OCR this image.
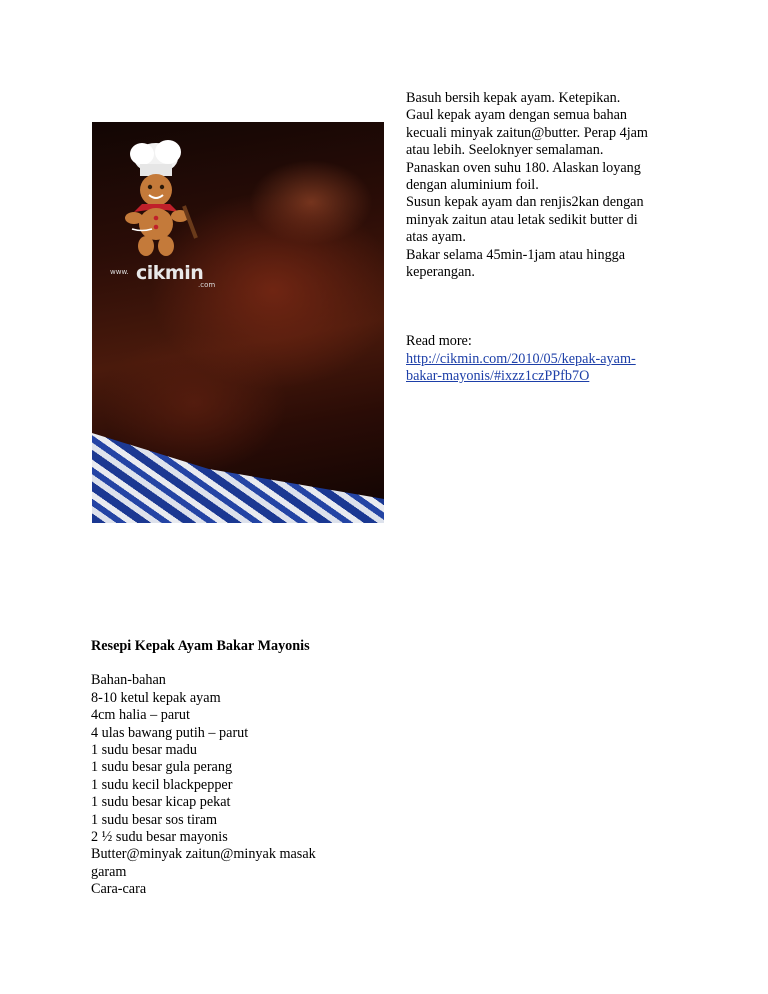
www. cikmin
.com

Basuh bersih kepak ayam. Ketepikan.

Gaul kepak ayam dengan semua bahan

kecuali minyak zaitun@butter. Perap 4jam

atau lebih. Seeloknyer semalaman.

Panaskan oven suhu 180. Alaskan loyang

dengan aluminium foil.

Susun kepak ayam dan renjis2kan dengan

minyak zaitun atau letak sedikit butter di

atas ayam.

Bakar selama 45min-1jam atau hingga

keperangan.

Read more:

http://cikmin.com/2010/05/kepak-ayam-
bakar-mayonis/#ixzz1czPPfb7O

Resepi Kepak Ayam Bakar Mayonis

Bahan-bahan

8-10 ketul kepak ayam

4cm halia – parut

4 ulas bawang putih – parut

1 sudu besar madu

1 sudu besar gula perang

1 sudu kecil blackpepper

1 sudu besar kicap pekat

1 sudu besar sos tiram

2 ½ sudu besar mayonis

Butter@minyak zaitun@minyak masak

garam

Cara-cara
